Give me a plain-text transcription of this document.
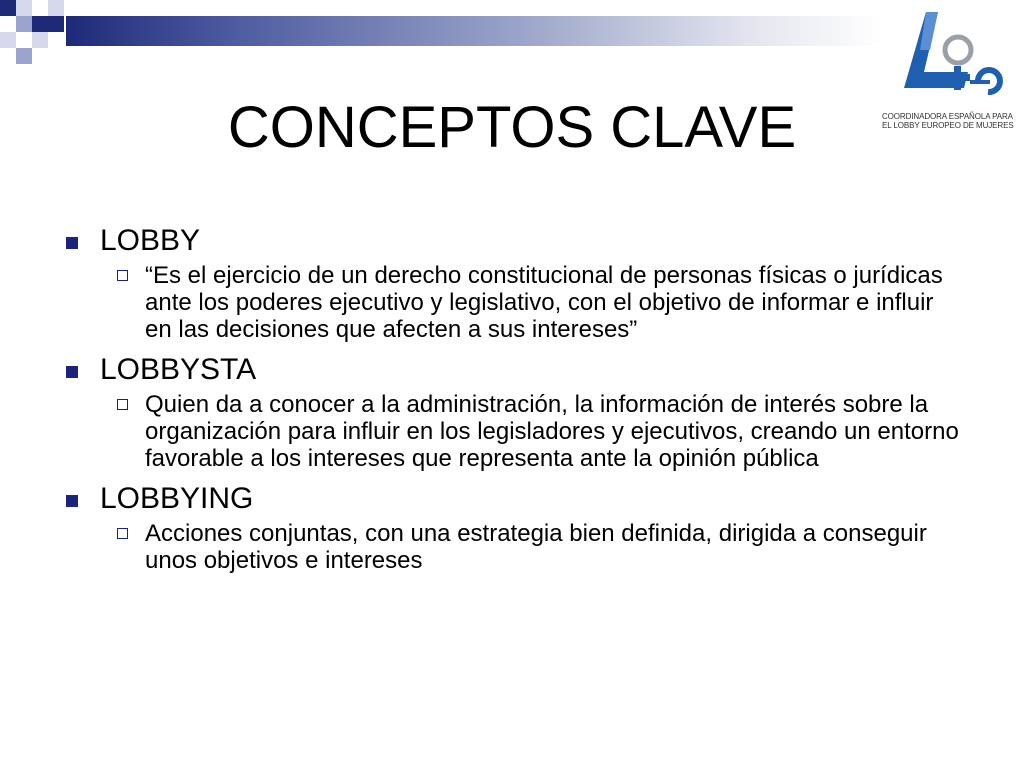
COORDINADORA ESPAÑOLA PARA
EL LOBBY EUROPEO DE MUJERES
CONCEPTOS CLAVE
LOBBY
“Es el ejercicio de un derecho constitucional de personas físicas o jurídicas ante los poderes ejecutivo y legislativo, con el objetivo de informar e influir en las decisiones que afecten a sus intereses”
LOBBYSTA
Quien da a conocer a la administración, la información de interés sobre la organización para influir en los legisladores y ejecutivos, creando un entorno favorable a los intereses que representa ante la opinión pública
LOBBYING
Acciones conjuntas, con una estrategia bien definida, dirigida a conseguir unos objetivos e intereses
